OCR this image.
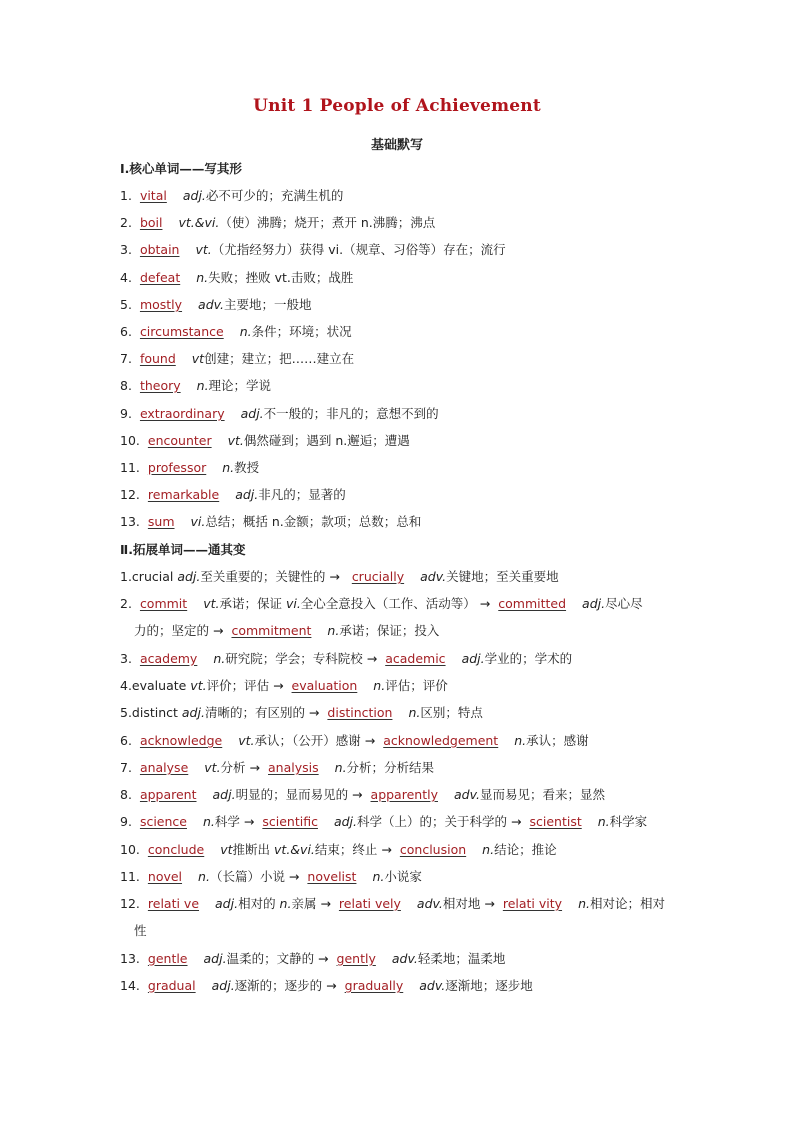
Unit 1 People of Achievement
基础默写
Ⅰ.核心单词——写其形
1. vital adj.必不可少的；充满生机的
2. boil vt.&vi.（使）沸腾；烧开；煮开 n.沸腾；沸点
3. obtain vt.（尤指经努力）获得 vi.（规章、习俗等）存在；流行
4. defeat n.失败；挫败 vt.击败；战胜
5. mostly adv.主要地；一般地
6. circumstance n.条件；环境；状况
7. found vt创建；建立；把……建立在
8. theory n.理论；学说
9. extraordinary adj.不一般的；非凡的；意想不到的
10. encounter vt.偶然碰到；遇到 n.邂逅；遭遇
11. professor n.教授
12. remarkable adj.非凡的；显著的
13. sum vi.总结；概括 n.金额；款项；总数；总和
Ⅱ.拓展单词——通其变
1.crucial adj.至关重要的；关键性的 → crucially adv.关键地；至关重要地
2. commit vt.承诺；保证 vi.全心全意投入（工作、活动等） → committed adj.尽心尽
力的；坚定的 → commitment n.承诺；保证；投入
3. academy n.研究院；学会；专科院校 → academic adj.学业的；学术的
4.evaluate vt.评价；评估 → evaluation n.评估；评价
5.distinct adj.清晰的；有区别的 → distinction n.区别；特点
6. acknowledge vt.承认；（公开）感谢 → acknowledgement n.承认；感谢
7. analyse vt.分析 → analysis n.分析；分析结果
8. apparent adj.明显的；显而易见的 → apparently adv.显而易见；看来；显然
9. science n.科学 → scientific adj.科学（上）的；关于科学的 → scientist n.科学家
10. conclude vt推断出 vt.&vi.结束；终止 → conclusion n.结论；推论
11. novel n.（长篇）小说 → novelist n.小说家
12. relati ve adj.相对的 n.亲属 → relati vely adv.相对地 → relati vity n.相对论；相对
性
13. gentle adj.温柔的；文静的 → gently adv.轻柔地；温柔地
14. gradual adj.逐渐的；逐步的 → gradually adv.逐渐地；逐步地
